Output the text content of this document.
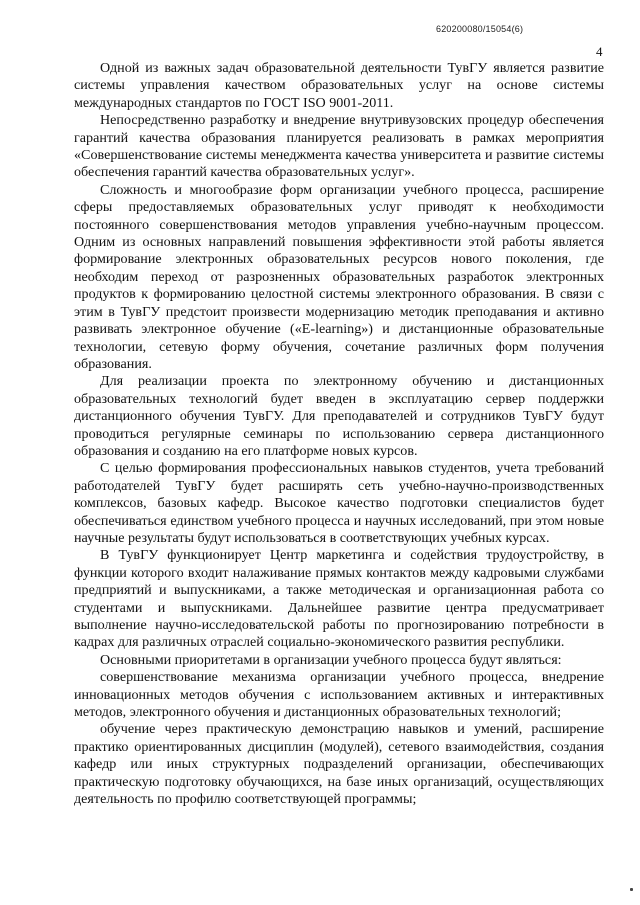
620200080/15054(6)
4

Одной из важных задач образовательной деятельности ТувГУ является развитие системы управления качеством образовательных услуг на основе системы международных стандартов по ГОСТ ISO 9001-2011.

Непосредственно разработку и внедрение внутривузовских процедур обеспечения гарантий качества образования планируется реализовать в рамках мероприятия «Совершенствование системы менеджмента качества университета и развитие системы обеспечения гарантий качества образовательных услуг».

Сложность и многообразие форм организации учебного процесса, расширение сферы предоставляемых образовательных услуг приводят к необходимости постоянного совершенствования методов управления учебно-научным процессом. Одним из основных направлений повышения эффективности этой работы является формирование электронных образовательных ресурсов нового поколения, где необходим переход от разрозненных образовательных разработок электронных продуктов к формированию целостной системы электронного образования. В связи с этим в ТувГУ предстоит произвести модернизацию методик преподавания и активно развивать электронное обучение («E-learning») и дистанционные образовательные технологии, сетевую форму обучения, сочетание различных форм получения образования.

Для реализации проекта по электронному обучению и дистанционных образовательных технологий будет введен в эксплуатацию сервер поддержки дистанционного обучения ТувГУ. Для преподавателей и сотрудников ТувГУ будут проводиться регулярные семинары по использованию сервера дистанционного образования и созданию на его платформе новых курсов.

С целью формирования профессиональных навыков студентов, учета требований работодателей ТувГУ будет расширять сеть учебно-научно-производственных комплексов, базовых кафедр. Высокое качество подготовки специалистов будет обеспечиваться единством учебного процесса и научных исследований, при этом новые научные результаты будут использоваться в соответствующих учебных курсах.

В ТувГУ функционирует Центр маркетинга и содействия трудоустройству, в функции которого входит налаживание прямых контактов между кадровыми службами предприятий и выпускниками, а также методическая и организационная работа со студентами и выпускниками. Дальнейшее развитие центра предусматривает выполнение научно-исследовательской работы по прогнозированию потребности в кадрах для различных отраслей социально-экономического развития республики.

Основными приоритетами в организации учебного процесса будут являться:

совершенствование механизма организации учебного процесса, внедрение инновационных методов обучения с использованием активных и интерактивных методов, электронного обучения и дистанционных образовательных технологий;

обучение через практическую демонстрацию навыков и умений, расширение практико ориентированных дисциплин (модулей), сетевого взаимодействия, создания кафедр или иных структурных подразделений организации, обеспечивающих практическую подготовку обучающихся, на базе иных организаций, осуществляющих деятельность по профилю соответствующей программы;
